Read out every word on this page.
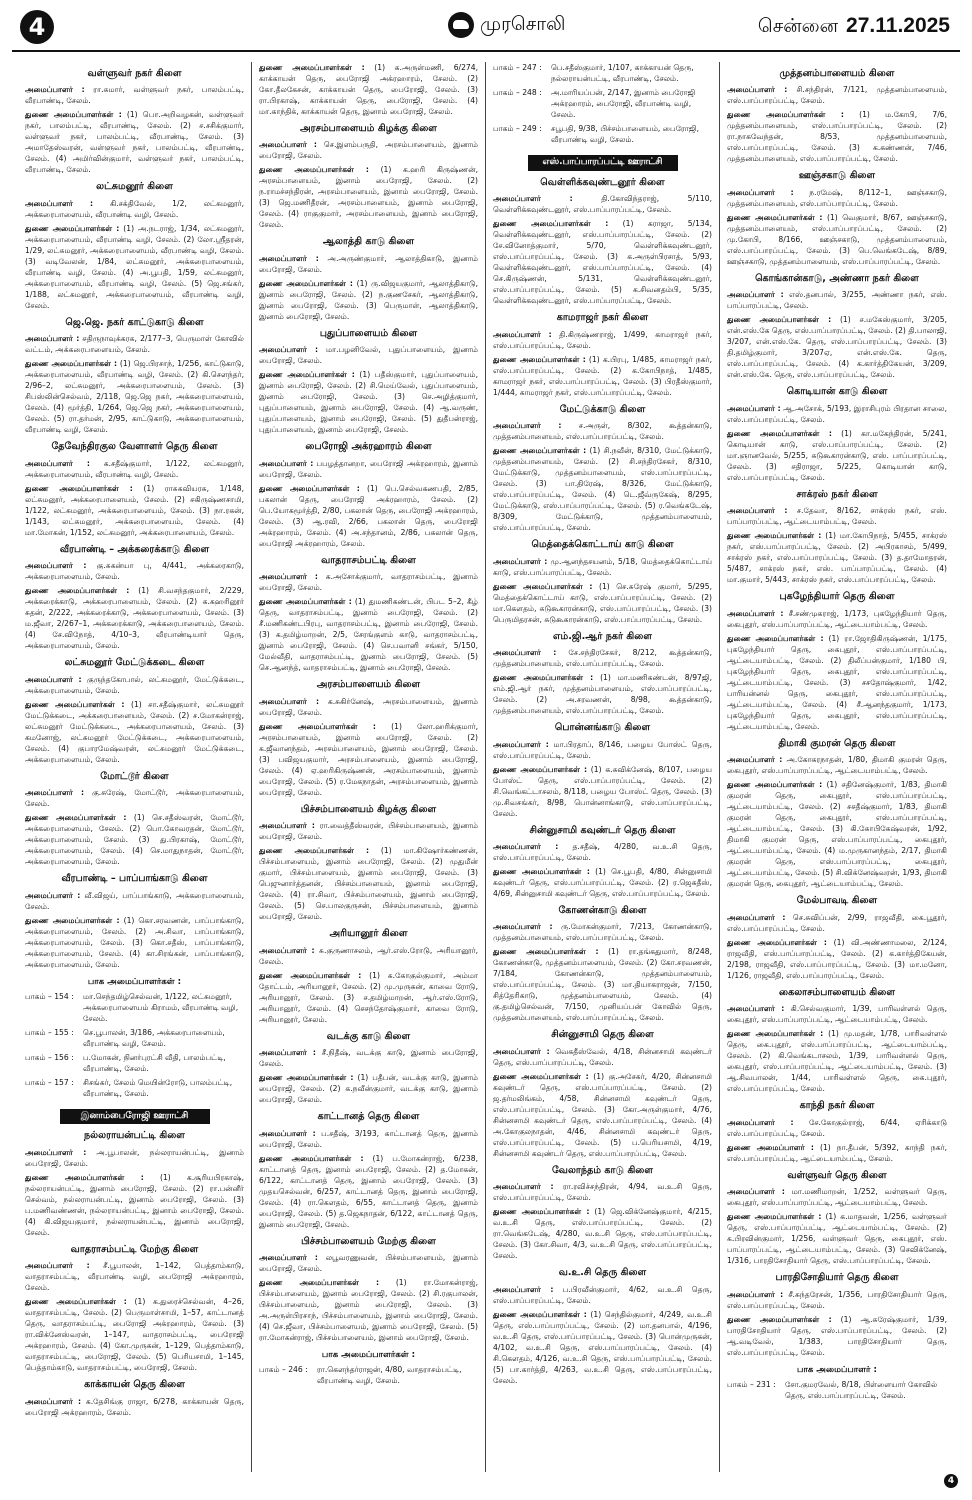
4	முரசொலி	சென்னை 27.11.2025
வள்ளுவர் நகர் கிளை
அமைப்பாளர் : ரா.சுமார், வள்ளுவர் நகர், பாலம்பட்டி, வீரபாண்டி, சேலம்.
துணை அமைப்பாளர்கள் : (1) பொ.அறிவழகன், வள்ளுவர் நகர், பாலம்பட்டி, வீரபாண்டி, சேலம். (2) ச.சசிக்குமார், வள்ளுவர் நகர், பாலம்பட்டி, வீரபாண்டி, சேலம். (3) அமாதேஸ்வரன், வள்ளுவர் நகர், பாலம்பட்டி, வீரபாண்டி, சேலம். (4) அமிர்வின்குமார், வள்ளுவர் நகர், பாலம்பட்டி, வீரபாண்டி, சேலம்.
லட்சுமனூர் கிளை
அமைப்பாளர் : கி.சக்திவேல், 1/2, லட்சுமனூர், அக்கரைபாளையம், வீரபாண்டி வழி, சேலம்.
துணை அமைப்பாளர்கள் : (1) அ.நடராஜ், 1/34, லட்சுமனூர், அக்கரைபாளையம், வீரபாண்டி வழி, சேலம். (2) லோ.ஸ்ரீதரன், 1/29, லட்சுமனூர், அக்கரைபாளையம், வீரபாண்டி வழி, சேலம். (3) வடிவேலன், 1/84, லட்சுமனூர், அக்கரைபாளையம், வீரபாண்டி வழி, சேலம். (4) அ.பூபதி, 1/59, லட்சுமனூர், அக்கரைபாளையம், வீரபாண்டி வழி, சேலம். (5) ஜெ.சங்கர், 1/188, லட்சுமனூர், அக்கரைபாளையம், வீரபாண்டி வழி, சேலம்.
ஜெ.ஜெ. நகர் காட்டுகாடு கிளை
அமைப்பாளர் : சதிருநாவுக்கரசு, 2/177–3, பெருமாள் கோவில் வட்டம், அக்கரைபாளையம், சேலம்.
துணை அமைப்பாளர்கள் : (1) ஜெ.பிரசாந், 1/256, காட்டுகாடு, அக்கரைபாளையம், வீரபாண்டி வழி, சேலம். (2) கி.சௌந்தர், 2/96–2, லட்சுமனூர், அக்கரைபாளையம், சேலம். (3) சிபஸ்லின்செல்வம், 2/118, ஜெ.ஜெ நகர், அக்கரைபாளையம், சேலம். (4) மூர்த்தி, 1/264, ஜெ.ஜெ நகர், அக்கரைபாளையம், சேலம். (5) ரா.தர்மன், 2/95, காட்டுகாடு, அக்கரைபாளையம், வீரபாண்டி வழி, சேலம்.
தேவேந்திரகுல வேளாளர் தெரு கிளை
அமைப்பாளர் : க.சதீஷ்குமார், 1/122, லட்சுமனூர், அக்கரைபாளையம், வீரபாண்டி வழி, சேலம்.
துணை அமைப்பாளர்கள் : (1) ராசுகவியரசு, 1/148, லட்சுமனூர், அக்கரைபாளையம், சேலம். (2) சகிருஷ்ணசாமி, 1/122, லட்சுமனூர், அக்கரைபாளையம், சேலம். (3) நா.ரகன், 1/143, லட்சுமனூர், அக்கரைபாளையம், சேலம். (4) மா.மோகன், 1/152, லட்சுமனூர், அக்கரைபாளையம், சேலம்.
வீரபாண்டி – அக்கரைக்காடு கிளை
அமைப்பாளர் : கு.சுகன்யா பு, 4/441, அக்கரைகாடு, அக்கரைபாளையம், சேலம்.
துணை அமைப்பாளர்கள் : (1) சி.வசந்தகுமார், 2/229, அக்கரைக்காடு, அக்கரைபாளையம், சேலம். (2) க.கஹரினூர் சுதன், 2/222, அக்கரைக்காடு, அக்கரைபாளையம், சேலம். (3) ம.ஜீவா, 2/267–1, அக்கரைக்காடு, அக்கரைபாளையம், சேலம். (4) சே.விநோத், 4/10–3, வீரபாண்டியார் தெரு, அக்கரைபாளையம், சேலம்.
லட்சுமனூர் மேட்டுக்கடை கிளை
அமைப்பாளர் : குருந்தகோபால், லட்சுமனூர், மேட்டுக்கடை, அக்கரைபாளையம், சேலம்.
துணை அமைப்பாளர்கள் : (1) சா.சதீஷ்குமார், லட்சுமனூர் மேட்டுக்கடை, அக்கரைபாளையம், சேலம். (2) ச.மோகன்ராஜ், லட்சுமனூர் மேட்டுக்கடை, அக்கரைபாளையம், சேலம். (3) கமனோஜ், லட்சுமனூர் மேட்டுக்கடை, அக்கரைபாளையம், சேலம். (4) குபாரமேஷ்வரன், லட்சுமனூர் மேட்டுக்கடை, அக்கரைபாளையம், சேலம்.
மோட்டூர் கிளை
அமைப்பாளர் : கு.சுரேஷ், மோட்டூர், அக்கரைபாளையம், சேலம்.
துணை அமைப்பாளர்கள் : (1) செ.சதீஸ்வரன், மோட்டூர், அக்கரைபாளையம், சேலம். (2) பொ.கோவரதன், மோட்டூர், அக்கரைபாளையம், சேலம். (3) து.பிரகாஷ், மோட்டூர், அக்கரைபாளையம், சேலம். (4) செ.மாதுநாதன், மோட்டூர், அக்கரைபாளையம், சேலம்.
வீரபாண்டி – பாப்பாங்காடு கிளை
அமைப்பாளர் : வீ.விஜய், பாப்பாங்காடு, அக்கரைபாளையம், சேலம்.
துணை அமைப்பாளர்கள் : (1) கொ.சரவணன், பாப்பாங்காடு, அக்கரைபாளையம், சேலம். (2) அ.சிவா, பாப்பாங்காடு, அக்கரைபாளையம், சேலம். (3) கொ.சதீஸ், பாப்பாங்காடு, அக்கரைபாளையம், சேலம். (4) கா.சிரங்கன், பாப்பாங்காடு, அக்கரைபாளையம், சேலம்.
பாக அமைப்பாளர்கள் :
பாகம் – 154 :	மா.செந்தமிழ்செல்வன், 1/122, லட்சுமனூர், அக்கரைபாளையம் கிராமம், வீரபாண்டி வழி, சேலம்.
பாகம் – 155 :	செ.பூபாலன், 3/186, அக்கரைபாளையம், வீரபாண்டி வழி, சேலம்.
பாகம் – 156 :	ப.மோகன், நினர்புரட்சி வீதி, பாலம்பட்டி, வீரபாண்டி, சேலம்.
பாகம் – 157 :	சிசங்கர், சேலம் மெயின்ரோடு, பாலம்பட்டி, வீரபாண்டி, சேலம்.
இனாம்பைரோஜி ஊராட்சி
நல்லராயன்பட்டி கிளை
அமைப்பாளர் : அ.பூபாலன், நல்லராயன்பட்டி, இனாம் பைரோஜி, சேலம்.
துணை அமைப்பாளர்கள் : (1) க.சூரியபிரகாஷ், நல்லராயன்பட்டி, இனாம் பைரோஜி, சேலம். (2) ரா.பன்னீர் செல்வம், நல்லராயன்பட்டி, இனாம் பைரோஜி, சேலம். (3) ப.மணிவண்ணன், நல்லராயன்பட்டி, இனாம் பைரோஜி, சேலம். (4) கி.விஜயகுமார், நல்லராயன்பட்டி, இனாம் பைரோஜி, சேலம்.
வாதராசம்பட்டி மேற்கு கிளை
அமைப்பாளர் : சீ.பூபாலன், 1–142, பெத்தாம்காடு, வாதராசம்பட்டி, வீரபாண்டி வழி, பைரோஜி அக்ரஹாரம், சேலம்.
துணை அமைப்பாளர்கள் : (1) க.துரைச்செல்வன், 4–26, வாதராசம்பட்டி, சேலம். (2) பெருமாள்சாமி, 1–57, காட்டானத் தெரு, வாதராசம்பட்டி, பைரோஜி அக்ரஹாரம், சேலம். (3) ரா.விக்னேஸ்வரன், 1–147, வாதராசம்பட்டி, பைரோஜி அக்ரஹாரம், சேலம். (4) கோ.முருகன், 1–129, பெத்தாம்காடு, வாதராசம்பட்டி, பைரோஜி, சேலம். (5) பெரியசாமி, 1–145, பெத்தாம்காடு, வாதராசம்பட்டி, பைரோஜி, சேலம்.
காக்காயன் தெரு கிளை
அமைப்பாளர் : க.தேசிங்கு ராஜா, 6/278, காக்காயன் தெரு, பைரோஜி அக்ரஹாரம், சேலம்.
துணை அமைப்பாளர்கள் : (1) க.அருள்மணி, 6/274, காக்காயன் தெரு, பைரோஜி அக்ரஹாரம், சேலம். (2) கோ.தீலகேசன், காக்காயன் தெரு, பைரோஜி, சேலம். (3) ரா.பிரகாஷ், காக்காயன் தெரு, பைரோஜி, சேலம். (4) மா.காந்திக், காக்காயன் தெரு, இனாம் பைரோஜி, சேலம்.
அரசம்பாளையம் கிழக்கு கிளை
அமைப்பாளர் : செ.இளம்பருதி, அரசம்பாளையம், இனாம் பைரோஜி, சேலம்.
துணை அமைப்பாளர்கள் : (1) க.ஹரி கிருஷ்ணன், அரசம்பாளையம், இனாம் பைரோஜி, சேலம். (2) ந.ராமச்சந்திரன், அரசம்பாளையம், இனாம் பைரோஜி, சேலம். (3) ஜெ.மணிதீரன், அரசம்பாளையம், இனாம் பைரோஜி, சேலம். (4) ராகுகுமார், அரசம்பாளையம், இனாம் பைரோஜி, சேலம்.
ஆலாத்தி காடு கிளை
அமைப்பாளர் : அ.அருண்குமார், ஆலாத்திகாடு, இனாம் பைரோஜி, சேலம்.
துணை அமைப்பாளர்கள் : (1) ரு.விஜயகுமார், ஆலாத்திகாடு, இனாம் பைரோஜி, சேலம். (2) ந.குணசேகர், ஆலாத்திகாடு, இனாம் பைரோஜி, சேலம். (3) பெருமாள், ஆலாத்திகாடு, இனாம் பைரோஜி, சேலம்.
புதுப்பாளையம் கிளை
அமைப்பாளர் : மா.பழனிவேல், புதுப்பாளையம், இனாம் பைரோஜி, சேலம்.
துணை அமைப்பாளர்கள் : (1) பதீஸ்குமார், புதுப்பாளையம், இனாம் பைரோஜி, சேலம். (2) சி.மெய்வேல், புதுப்பாளையம், இனாம் பைரோஜி, சேலம். (3) செ.அழித்குமார், புதுப்பாளையம், இனாம் பைரோஜி, சேலம். (4) ஆ.வருண், புதுப்பாளையம், இனாம் பைரோஜி, சேலம். (5) துதீபன்ராஜ், புதுப்பாளையம், இனாம் பைரோஜி, சேலம்.
பைரோஜி அக்ரஹாரம் கிளை
அமைப்பாளர் : பபழத்தானறா, பைரோஜி அக்ரஹாரம், இனாம் பைரோஜி, சேலம்.
துணை அமைப்பாளர்கள் : (1) பெ.செல்வகணபதி, 2/85, பகலான் தெரு, பைரோஜி அக்ரஹாரம், சேலம். (2) பெ.யோகமூர்த்தி, 2/80, பகலான் தெரு, பைரோஜி அக்ரஹாரம், சேலம். (3) ஆ.ரவி, 2/66, பகலான் தெரு, பைரோஜி அக்ரஹாரம், சேலம். (4) அ.சந்தானம், 2/86, பகலான் தெரு, பைரோஜி அக்ரஹாரம், சேலம்.
வாதராசம்பட்டி கிளை
அமைப்பாளர் : க.அசோக்குமார், வாதராசம்பட்டி, இனாம் பைரோஜி, சேலம்.
துணை அமைப்பாளர்கள் : (1) துமணிகண்டன், பிபட 5–2, கீழ் தெரு, வாதராசம்பட்டி, இனாம் பைரோஜி, சேலம். (2) சீ.மணிகண்டபிரபு, வாதராசம்பட்டி, இனாம் பைரோஜி, சேலம். (3) க.தமிழ்மாறன், 2/5, சேரங்குளம் காடு, வாதராசம்பட்டி, இனாம் பைரோஜி, சேலம். (4) செ.பவானி சங்கர், 5/150, மேல்வீதி, வாதராசம்பட்டி, இனாம் பைரோஜி, சேலம். (5) செ.ஆனந்த், வாதராசம்பட்டி, இனாம் பைரோஜி, சேலம்.
அரசம்பாளையம் கிளை
அமைப்பாளர் : க.சுகிர்னேஷ், அரசம்பாளையம், இனாம் பைரோஜி, சேலம்.
துணை அமைப்பாளர்கள் : (1) லோ.ஹரிக்குமார், அரசம்பாளையம், இனாம் பைரோஜி, சேலம். (2) க.ஜீவானந்தம், அரசம்பாளையம், இனாம் பைரோஜி, சேலம். (3) பவிஜயகுமார், அரசம்பாளையம், இனாம் பைரோஜி, சேலம். (4) ஏ.ஹரிகிருஷ்ணன், அரசம்பாளையம், இனாம் பைரோஜி, சேலம். (5) ர.மேகநாதன், அரசம்பாளையம், இனாம் பைரோஜி, சேலம்.
பிச்சம்பாளையம் கிழக்கு கிளை
அமைப்பாளர் : ரா.வைத்தீஸ்வரன், பிச்சம்பாளையம், இனாம் பைரோஜி, சேலம்.
துணை அமைப்பாளர்கள் : (1) மா.கிஷோர்கண்ணன், பிச்சம்பாளையம், இனாம் பைரோஜி, சேலம். (2) முதுமீன் குமார், பிச்சம்பாளையம், இனாம் பைரோஜி, சேலம். (3) பெஜுனார்த்தனன், பிச்சம்பாளையம், இனாம் பைரோஜி, சேலம். (4) ரா.சிவா, பிச்சம்பாளையம், இனாம் பைரோஜி, சேலம். (5) செ.பாலகுருசன், பிச்சம்பாளையம், இனாம் பைரோஜி, சேலம்.
அரியானூர் கிளை
அமைப்பாளர் : சு.குருணாசலம், ஆர்.எஸ்.ரோடு, அரியானூர், சேலம்.
துணை அமைப்பாளர்கள் : (1) க.கோகுல்குமார், அம்மா தோட்டம், அரியானூர், சேலம். (2) மு.முருகன், காவை ரோடு, அரியானூர், சேலம். (3) ச.தமிழ்மாறன், ஆர்.எஸ்.ரோடு, அரியானூர், சேலம். (4) செசந்தோஷ்குமார், காவை ரோடு, அரியானூர், சேலம்.
வடக்கு காடு கிளை
அமைப்பாளர் : சீ.நிதீஷ், வடக்கு காடு, இனாம் பைரோஜி, சேலம்.
துணை அமைப்பாளர்கள் : (1) பதீபன், வடக்கு காடு, இனாம் பைரோஜி, சேலம். (2) க.நவீன்குமார், வடக்கு காடு, இனாம் பைரோஜி, சேலம்.
காட்டானத் தெரு கிளை
அமைப்பாளர் : ப.சதீஷ், 3/193, காட்டானத் தெரு, இனாம் பைரோஜி, சேலம்.
துணை அமைப்பாளர்கள் : (1) ப.மோகன்ராஜ், 6/238, காட்டானத் தெரு, இனாம் பைரோஜி, சேலம். (2) த.மோகன், 6/122, காட்டானத் தெரு, இனாம் பைரோஜி, சேலம். (3) முதயசெல்வன், 6/257, காட்டானத் தெரு, இனாம் பைரோஜி, சேலம். (4) ரா.கௌதம், 6/55, காட்டானத் தெரு, இனாம் பைரோஜி, சேலம். (5) த.ஜெகநாதன், 6/122, காட்டானத் தெரு, இனாம் பைரோஜி, சேலம்.
பிச்சம்பாளையம் மேற்கு கிளை
அமைப்பாளர் : லபூவரணுவன், பிச்சம்பாளையம், இனாம் பைரோஜி, சேலம்.
துணை அமைப்பாளர்கள் : (1) ரா.மோகன்ராஜ், பிச்சம்பாளையம், இனாம் பைரோஜி, சேலம். (2) சி.ரகுபாலன், பிச்சம்பாளையம், இனாம் பைரோஜி, சேலம். (3) அ.அருள்பிரசாந், பிச்சம்பாளையம், இனாம் பைரோஜி, சேலம். (4) செ.ஜீவா, பிச்சம்பாளையம், இனாம் பைரோஜி, சேலம். (5) ரா.மோகன்ராஜ், பிச்சம்பாளையம், இனாம் பைரோஜி, சேலம்.
பாக அமைப்பாளர்கள் :
பாகம் – 246 :	ரா.கௌந்தர்ராஜன், 4/80, வாதராசம்பட்டி, வீரபாண்டி வழி, சேலம்.
பாகம் – 247 :	பெ.சதீஸ்குமார், 1/107, காக்காயன் தெரு, நல்லராயன்பட்டி, வீரபாண்டி, சேலம்.
பாகம் – 248 :	அ.மாரியப்பன், 2/147, இனாம் பைரோஜி அக்ரஹாரம், பைரோஜி, வீரபாண்டி வழி, சேலம்.
பாகம் – 249 :	சபூபதி, 9/38, பிச்சம்பாளையம், பைரோஜி, வீரபாண்டி வழி, சேலம்.
எஸ்.பாப்பாரப்பட்டி ஊராட்சி
வெள்ளிக்கவுண்டனூர் கிளை
அமைப்பாளர் : தி.கோவிந்தராஜ், 5/110, வெள்ளிக்கவுண்டனூர், எஸ்.பாப்பாரப்பட்டி, சேலம்.
துணை அமைப்பாளர்கள் : (1) கராஜா, 5/134, வெள்ளிக்கவுண்டனூர், எஸ்.பாப்பாரப்பட்டி, சேலம். (2) சே.வினோத்குமார், 5/70, வெள்ளிக்கவுண்டனூர், எஸ்.பாப்பாரப்பட்டி, சேலம். (3) க.அருள்பிரசாத், 5/93, வெள்ளிக்கவுண்டனூர், எஸ்.பாப்பாரப்பட்டி, சேலம். (4) செ.கிருஷ்ணன், 5/131, வெள்ளிக்கவுண்டனூர், எஸ்.பாப்பாரப்பட்டி, சேலம். (5) க.சிவனதம்பி, 5/35, வெள்ளிக்கவுண்டனூர், எஸ்.பாப்பாரப்பட்டி, சேலம்.
காமராஜர் நகர் கிளை
அமைப்பாளர் : தி.கிருஷ்ணராஜ், 1/499, காமராஜர் நகர், எஸ்.பாப்பாரப்பட்டி, சேலம்.
துணை அமைப்பாளர்கள் : (1) க.பிரபு, 1/485, காமராஜர் நகர், எஸ்.பாப்பாரப்பட்டி, சேலம். (2) க.கோபிநாத், 1/485, காமராஜர் நகர், எஸ்.பாப்பாரப்பட்டி, சேலம். (3) பிரதீஸ்குமார், 1/444, காமராஜர் நகர், எஸ்.பாப்பாரப்பட்டி, சேலம்.
மேட்டுக்காடு கிளை
அமைப்பாளர் : ச.அருள், 8/302, கூத்தன்காடு, முத்தனம்பாளையம், எஸ்.பாப்பாரப்பட்டி, சேலம்.
துணை அமைப்பாளர்கள் : (1) சி.நவீன், 8/310, மேட்டுக்காடு, முத்தனம்பாளையம், சேலம். (2) சி.சந்திரசேகர், 8/310, மேட்டுக்காடு, முத்தனம்பாளையம், எஸ்.பாப்பாரப்பட்டி, சேலம். (3) பா.திரேஷ், 8/326, மேட்டுக்காடு, எஸ்.பாப்பாரப்பட்டி, சேலம். (4) டெ.ஜீவ்ருகேஷ், 8/295, மேட்டுக்காடு, எஸ்.பாப்பாரப்பட்டி, சேலம். (5) ர.வெங்கடேஷ், 8/309, மேட்டுக்காடு, முத்தனம்பாளையம், எஸ்.பாப்பாரப்பட்டி, சேலம்.
மெத்தைக்கொட்டாய் காடு கிளை
அமைப்பாளர் : மு.ஆனந்தசயனம், 5/18, மெத்தைக்கொட்டாய் காடு, எஸ்.பாப்பாரப்பட்டி, சேலம்.
துணை அமைப்பாளர்கள் : (1) செ.சுரேஷ் குமார், 5/295, மெத்தைக்கொட்டாய் காடு, எஸ்.பாப்பாரப்பட்டி, சேலம். (2) மா.கௌதம், சுடுகூகாரன்காடு, எஸ்.பாப்பாரப்பட்டி, சேலம். (3) பெருமிதரசன், சுடுகூகாரன்காடு, எஸ்.பாப்பாரப்பட்டி, சேலம்.
எம்.ஜி.ஆர் நகர் கிளை
அமைப்பாளர் : சே.சந்திரசேகர், 8/212, கூத்தன்காடு, முத்தனம்பாளையம், எஸ்.பாப்பாரப்பட்டி, சேலம்.
துணை அமைப்பாளர்கள் : (1) மா.மணிகண்டன், 8/97ஜி, எம்.ஜி.ஆர் நகர், முத்தனம்பாளையம், எஸ்.பாப்பாரப்பட்டி, சேலம். (2) அ.சரவணன், 8/98, கூத்தன்காடு, முத்தனம்பாளையம், எஸ்.பாப்பாரப்பட்டி, சேலம்.
பொன்னங்காடு கிளை
அமைப்பாளர் : மா.பிரதாப், 8/146, பழைய போஸ்ட் தெரு, எஸ்.பாப்பாரப்பட்டி, சேலம்.
துணை அமைப்பாளர்கள் : (1) க.சுவிக்னேஷ், 8/107, பழைய போஸ்ட் தெரு, எஸ்.பாப்பாரப்பட்டி, சேலம். (2) சி.வெங்கட்டாசலம், 8/118, பழைய போஸ்ட் தெரு, சேலம். (3) மு.சிவசங்கர், 8/98, பொன்னாங்காடு, எஸ்.பாப்பாரப்பட்டி, சேலம்.
சின்னுசாமி கவுண்டர் தெரு கிளை
அமைப்பாளர் : த.சதீஷ், 4/280, வ.உ.சி தெரு, எஸ்.பாப்பாரப்பட்டி, சேலம்.
துணை அமைப்பாளர்கள் : (1) செ.பூபதி, 4/80, சின்னுசாமி கவுண்டர் தெரு, எஸ்.பாப்பாரப்பட்டி, சேலம். (2) ர.ஜெகதீஸ், 4/69, சின்னுசாமி கவுண்டர் தெரு, எஸ்.பாப்பாரப்பட்டி, சேலம்.
கோணன்காடு கிளை
அமைப்பாளர் : ரு.மோகன்குமார், 7/213, கோணன்காடு, முத்தனம்பாளையம், எஸ்.பாப்பாரப்பட்டி, சேலம்.
துணை அமைப்பாளர்கள் : (1) ரா.தங்கதுமார், 8/248, கோணன்காடு, முத்தனம்பாளையம், சேலம். (2) கோ.சரவணன், 7/184, கோணன்காடு, முத்தனம்பாளையம், எஸ்.பாப்பாரப்பட்டி, சேலம். (3) மா.தியாகராஜன், 7/150, சித்தேரிகாடு, முத்தனம்பாளையம், சேலம். (4) கு.தமிழ்செல்வன், 7/150, முனியப்பன் கோவில் தெரு, முத்தனம்பாளையம், எஸ்.பாப்பாரப்பட்டி, சேலம்.
சின்னுசாமி தெரு கிளை
அமைப்பாளர் : வெகதீஸ்வேல், 4/18, சின்னசாமி கவுண்டர் தெரு, எஸ்.பாப்பாரப்பட்டி, சேலம்.
துணை அமைப்பாளர்கள் : (1) கு.அசேகர், 4/20, சின்னசாமி கவுண்டர் தெரு, எஸ்.பாப்பாரப்பட்டி, சேலம். (2) ஜ.தர்மலிங்கம், 4/58, சின்னசாமி கவுண்டர் தெரு, எஸ்.பாப்பாரப்பட்டி, சேலம். (3) கோ.அருள்குமார், 4/76, சின்னசாமி கவுண்டர் தெரு, எஸ்.பாப்பாரப்பட்டி, சேலம். (4) அ.கோகுலநாதன், 4/46, சின்னசாமி கவுண்டர் தெரு, எஸ்.பாப்பாரப்பட்டி, சேலம். (5) ப.பெரியசாமி, 4/19, சின்னசாமி கவுண்டர் தெரு, எஸ்.பாப்பாரப்பட்டி, சேலம்.
வேலாந்தம் காடு கிளை
அமைப்பாளர் : ரா.ரவிச்சந்திரன், 4/94, வ.உ.சி தெரு, எஸ்.பாப்பாரப்பட்டி, சேலம்.
துணை அமைப்பாளர்கள் : (1) ஜெ.விக்னேஷ்குமார், 4/215, வ.உ.சி தெரு, எஸ்.பாப்பாரப்பட்டி, சேலம். (2) ரா.வெங்கடேஷ், 4/280, வ.உ.சி தெரு, எஸ்.பாப்பாரப்பட்டி, சேலம். (3) கோ.சிவா, 4/3, வ.உ.சி தெரு, எஸ்.பாப்பாரப்பட்டி, சேலம்.
வ.உ.சி தெரு கிளை
அமைப்பாளர் : ப.பிரவீன்குமார், 4/62, வ.உ.சி தெரு, எஸ்.பாப்பாரப்பட்டி, சேலம்.
துணை அமைப்பாளர்கள் : (1) செந்தில்குமார், 4/249, வ.உ.சி தெரு, எஸ்.பாப்பாரப்பட்டி, சேலம். (2) மா.தனபால், 4/196, வ.உ.சி தெரு, எஸ்.பாப்பாரப்பட்டி, சேலம். (3) பொன்முருகன், 4/102, வ.உ.சி தெரு, எஸ்.பாப்பாரப்பட்டி, சேலம். (4) சி.கௌதம், 4/126, வ.உ.சி தெரு, எஸ்.பாப்பாரப்பட்டி, சேலம். (5) பா.கார்த்தி, 4/263, வ.உ.சி தெரு, எஸ்.பாப்பாரப்பட்டி, சேலம்.
முத்தனம்பாளையம் கிளை
அமைப்பாளர் : சி.சந்திரன், 7/121, முத்தனம்பாளையம், எஸ்.பாப்பாரப்பட்டி, சேலம்.
துணை அமைப்பாளர்கள் : (1) ம.கோபி, 7/6, முத்தனம்பாளையம், எஸ்.பாப்பாரப்பட்டி, சேலம். (2) ரா.நாகவேந்தன், 8/53, முத்தனம்பாளையம், எஸ்.பாப்பாரப்பட்டி, சேலம். (3) க.கண்ணன், 7/46, முத்தனம்பாளையம், எஸ்.பாப்பாரப்பட்டி, சேலம்.
ஊஞ்சகாடு கிளை
அமைப்பாளர் : ந.ரமேஷ், 8/112–1, ஊஞ்சகாடு, முத்தனம்பாளையம், எஸ்.பாப்பாரப்பட்டி, சேலம்.
துணை அமைப்பாளர்கள் : (1) வெகுமார், 8/67, ஊஞ்சகாடு, முத்தனம்பாளையம், எஸ்.பாப்பாரப்பட்டி, சேலம். (2) மு.கோபி, 8/166, ஊஞ்சகாடு, முத்தனம்பாளையம், எஸ்.பாப்பாரப்பட்டி, சேலம். (3) பெ.வெங்கடேஷ், 8/89, ஊஞ்சகாடு, முத்தனம்பாளையம், எஸ்.பாப்பாரப்பட்டி, சேலம்.
கொங்கான்காடு, அண்ணா நகர் கிளை
அமைப்பாளர் : எஸ்.தனபால், 3/255, அண்ணா நகர், எஸ். பாப்பாரப்பட்டி, சேலம்.
துணை அமைப்பாளர்கள் : (1) ச.மகேஸ்குமார், 3/205, என்.எஸ்.கே தெரு, எஸ்.பாப்பாரப்பட்டி, சேலம். (2) தி.பாலாஜி, 3/207, என்.எஸ்.கே. தெரு, எஸ்.பாப்பாரப்பட்டி, சேலம். (3) தி.தமிழ்குமார், 3/207ஏ, என்.எஸ்.கே. தெரு, எஸ்.பாப்பாரப்பட்டி, சேலம். (4) க.கார்த்திகேயன், 3/209, என்.எஸ்.கே. தெரு, எஸ்.பாப்பாரப்பட்டி, சேலம்.
கொடியான் காடு கிளை
அமைப்பாளர் : ஆ.அசோக், 5/193, இராசிபுரம் பிரதான சாலை, எஸ்.பாப்பாரப்பட்டி, சேலம்.
துணை அமைப்பாளர்கள் : (1) கா.மகேந்திரன், 5/241, கொடியான் காடு, எஸ்.பாப்பாரப்பட்டி, சேலம். (2) மா.ஞானவேல், 5/255, சுடுகூகாரன்காடு, எஸ். பாப்பாரப்பட்டி, சேலம். (3) சதிராஜா, 5/225, கொடியான் காடு, எஸ்.பாப்பாரப்பட்டி, சேலம்.
சாக்ரஸ் நகர் கிளை
அமைப்பாளர் : ச.தேவா, 8/162, சாக்ரஸ் நகர், எஸ். பாப்பாரப்பட்டி, ஆட்டையாம்பட்டி, சேலம்.
துணை அமைப்பாளர்கள் : (1) மா.கோபிநாத், 5/455, சாக்ரஸ் நகர், எஸ்.பாப்பாரப்பட்டி, சேலம். (2) அபிரகாசம், 5/499, சாக்ரஸ் நகர், எஸ்.பாப்பாரப்பட்டி, சேலம். (3) த.தாமோதரன், 5/487, சாக்ரஸ் நகர், எஸ். பாப்பாரப்பட்டி, சேலம். (4) மா.குமார், 5/443, சாக்ரஸ் நகர், எஸ்.பாப்பாரப்பட்டி, சேலம்.
புகழேந்தியார் தெரு கிளை
அமைப்பாளர் : சீ.சண்முகராஜ், 1/173, புகழேந்தியார் தெரு, கைபுதூர், எஸ்.பாப்பாரப்பட்டி, ஆட்டையாம்பட்டி, சேலம்.
துணை அமைப்பாளர்கள் : (1) ரா.ஜோதிகிருஷ்ணன், 1/175, புகழேந்தியார் தெரு, கைபுதூர், எஸ்.பாப்பாரப்பட்டி, ஆட்டையாம்பட்டி, சேலம். (2) திலீப்பன்குமார், 1/180 பி, புகழேந்தியார் தெரு, கைபுதூர், எஸ்.பாப்பாரப்பட்டி, ஆட்டையாம்பட்டி, சேலம். (3) சசதோஷ்குமார், 1/42, பாரியன்னல் தெரு, கைபுதூர், எஸ்.பாப்பாரப்பட்டி, ஆட்டையாம்பட்டி, சேலம். (4) சீ.ஆனந்தகுமார், 1/173, புகழேந்தியார் தெரு, கைபுதூர், எஸ்.பாப்பாரப்பட்டி, ஆட்டையாம்பட்டி, சேலம்.
திமாகி குமரன் தெரு கிளை
அமைப்பாளர் : அ.கோகரநாதன், 1/80, திமாகி குமரன் தெரு, கைபுதூர், எஸ்.பாப்பாரப்பட்டி, ஆட்டையாம்பட்டி, சேலம்.
துணை அமைப்பாளர்கள் : (1) சதினேஷ்குமார், 1/83, திமாகி குமரன் தெரு, கைபுதூர், எஸ்.பாப்பாரப்பட்டி, ஆட்டையாம்பட்டி, சேலம். (2) சசதீஷ்குமார், 1/83, திமாகி குமரன் தெரு, கைபுதூர், எஸ்.பாப்பாரப்பட்டி, ஆட்டையாம்பட்டி, சேலம். (3) கி.கோபிகேஷ்வரன், 1/92, திமாகி குமரன் தெரு, எஸ்.பாப்பாரப்பட்டி, கைபுதூர், ஆட்டையாம்பட்டி, சேலம். (4) ம.முருகானந்தம், 2/17, திமாகி குமரன் தெரு, எஸ்.பாப்பாரப்பட்டி, கைபுதூர், ஆட்டையாம்பட்டி, சேலம். (5) சி.விக்னேஷ்வரன், 1/93, திமாகி குமரன் தெரு, கைபுதூர், ஆட்டையாம்பட்டி, சேலம்.
மேல்பாவடி கிளை
அமைப்பாளர் : செ.சுவிப்பன், 2/99, ராஜவீதி, கை.பூதூர், எஸ்.பாப்பாரப்பட்டி, சேலம்.
துணை அமைப்பாளர்கள் : (1) வி.அண்ணாமலை, 2/124, ராஜவீதி, எஸ்.பாப்பாரப்பட்டி, சேலம். (2) க.கார்த்திகேயன், 2/198, ராஜவீதி, எஸ்.பாப்பாரப்பட்டி, சேலம். (3) மா.மனோ, 1/126, ராஜவீதி, எஸ்.பாப்பாரப்பட்டி, சேலம்.
கைலாசம்பாளையம் கிளை
அமைப்பாளர் : கி.செல்வகுமார், 1/39, பாரிவள்ளல் தெரு, கைபுதூர், எஸ்.பாப்பாரப்பட்டி, ஆட்டையாம்பட்டி, சேலம்.
துணை அமைப்பாளர்கள் : (1) மு.மதன், 1/78, பாரிவள்ளல் தெரு, கை.புதூர், எஸ்.பாப்பாரப்பட்டி, ஆட்டையாம்பட்டி, சேலம். (2) கி.வெங்கடாசலம், 1/39, பாரிவள்ளல் தெரு, கைபுதூர், எஸ்.பாப்பாரப்பட்டி, ஆட்டையாம்பட்டி, சேலம். (3) ஆ.சிவபாலன், 1/44, பாரிவள்ளல் தெரு, கை.புதூர், எஸ்.பாப்பாரப்பட்டி, சேலம்.
காந்தி நகர் கிளை
அமைப்பாளர் : சே.கோகுல்ராஜ், 6/44, ஏரிக்காடு எஸ்.பாப்பாரப்பட்டி, சேலம்.
துணை அமைப்பாளர் : (1) நா.தீபன், 5/392, காந்தி நகர், எஸ்.பாப்பாரப்பட்டி, ஆட்டையாம்பட்டி, சேலம்.
வள்ளுவர் தெரு கிளை
அமைப்பாளர் : மா.மணிமாறன், 1/252, வள்ளுவர் தெரு, கைபுதூர், எஸ்.பாப்பாரப்பட்டி, ஆட்டையாம்பட்டி, சேலம்.
துணை அமைப்பாளர்கள் : (1) க.மாதவன், 1/256, வள்ளுவர் தெரு, எஸ்.பாப்பாரப்பட்டி, ஆட்டையாம்பட்டி, சேலம். (2) க.பிரவின்குமார், 1/256, வள்ளுவர் தெரு, கைபுதூர், எஸ். பாப்பாரப்பட்டி, ஆட்டையாம்பட்டி, சேலம். (3) செவிக்னேஷ், 1/316, பாரதிசோதியார் தெரு, எஸ்.பாப்பாரப்பட்டி, சேலம்.
பாரதிசோதியார் தெரு கிளை
அமைப்பாளர் : சீ.சுந்தரேசன், 1/356, பாரதிசோதியார் தெரு, எஸ்.பாப்பாரப்பட்டி, சேலம்.
துணை அமைப்பாளர்கள் : (1) ஆ.சுரேஷ்குமார், 1/39, பாரதிசோதியார் தெரு, எஸ்.பாப்பாரப்பட்டி, சேலம். (2) ஆ.வடிவேல், 1/383, பாரதிசோதியார் தெரு, எஸ்.பாப்பாரப்பட்டி, சேலம்.
பாக அமைப்பாளர் :
பாகம் – 231 :	சோ.குமரவேல், 8/18, பிள்ளையார் கோவில் தெரு, எஸ்.பாப்பாரப்பட்டி, சேலம்.
4
